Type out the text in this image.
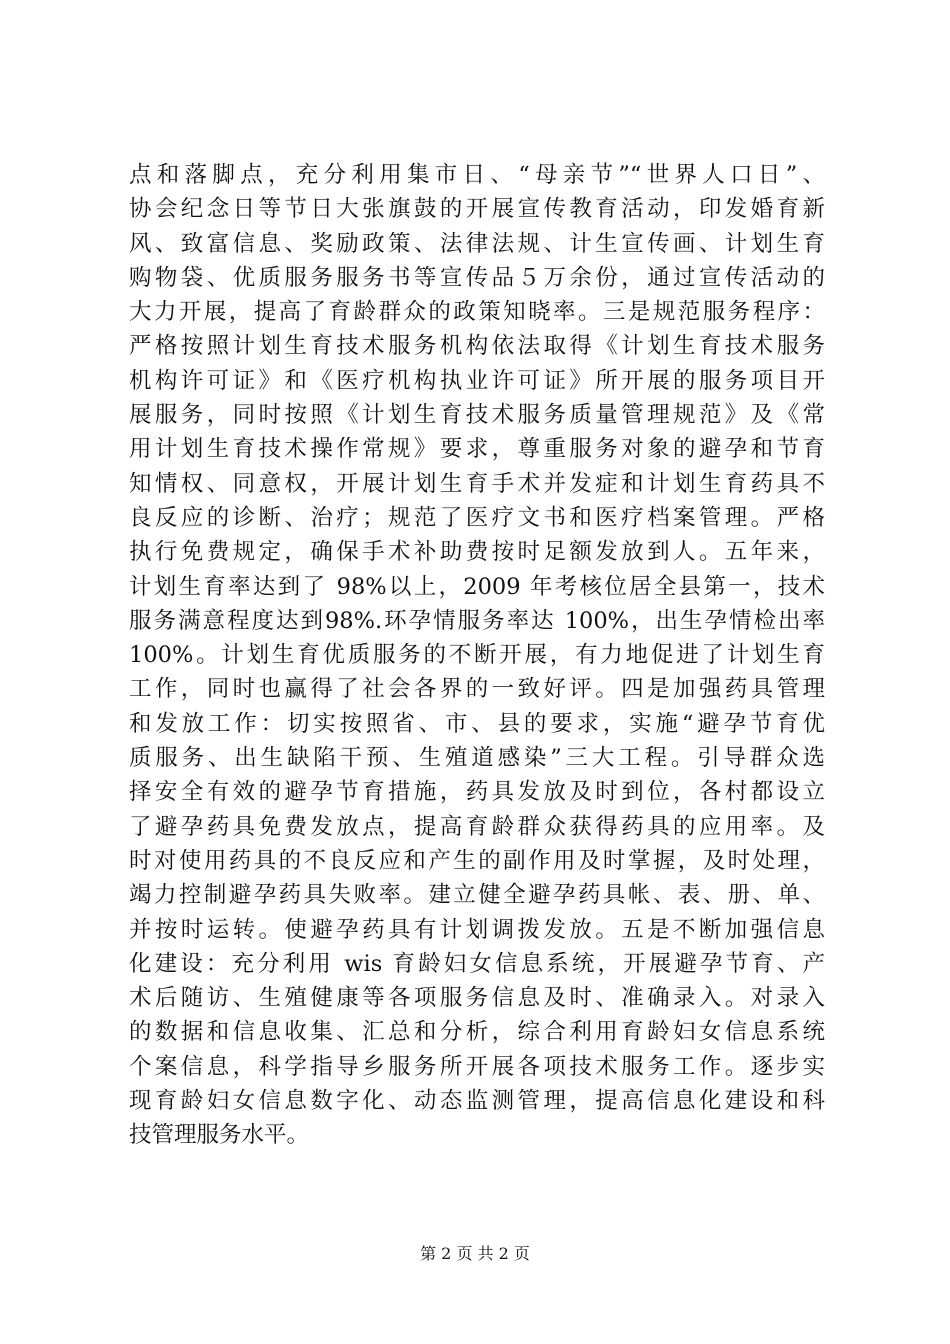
点和落脚点，充分利用集市日、“母亲节”“世界人口日”、
协会纪念日等节日大张旗鼓的开展宣传教育活动，印发婚育新
风、致富信息、奖励政策、法律法规、计生宣传画、计划生育
购物袋、优质服务服务书等宣传品５万余份，通过宣传活动的
大力开展，提高了育龄群众的政策知晓率。三是规范服务程序：
严格按照计划生育技术服务机构依法取得《计划生育技术服务
机构许可证》和《医疗机构执业许可证》所开展的服务项目开
展服务，同时按照《计划生育技术服务质量管理规范》及《常
用计划生育技术操作常规》要求，尊重服务对象的避孕和节育
知情权、同意权，开展计划生育手术并发症和计划生育药具不
良反应的诊断、治疗；规范了医疗文书和医疗档案管理。严格
执行免费规定，确保手术补助费按时足额发放到人。五年来，
计划生育率达到了 98%以上，2009 年考核位居全县第一，技术
服务满意程度达到98%.环孕情服务率达 100%，出生孕情检出率
100%。计划生育优质服务的不断开展，有力地促进了计划生育
工作，同时也赢得了社会各界的一致好评。四是加强药具管理
和发放工作：切实按照省、市、县的要求，实施“避孕节育优
质服务、出生缺陷干预、生殖道感染”三大工程。引导群众选
择安全有效的避孕节育措施，药具发放及时到位，各村都设立
了避孕药具免费发放点，提高育龄群众获得药具的应用率。及
时对使用药具的不良反应和产生的副作用及时掌握，及时处理，
竭力控制避孕药具失败率。建立健全避孕药具帐、表、册、单、
并按时运转。使避孕药具有计划调拨发放。五是不断加强信息
化建设：充分利用 wis 育龄妇女信息系统，开展避孕节育、产
术后随访、生殖健康等各项服务信息及时、准确录入。对录入
的数据和信息收集、汇总和分析，综合利用育龄妇女信息系统
个案信息，科学指导乡服务所开展各项技术服务工作。逐步实
现育龄妇女信息数字化、动态监测管理，提高信息化建设和科
技管理服务水平。
第 2 页 共 2 页
